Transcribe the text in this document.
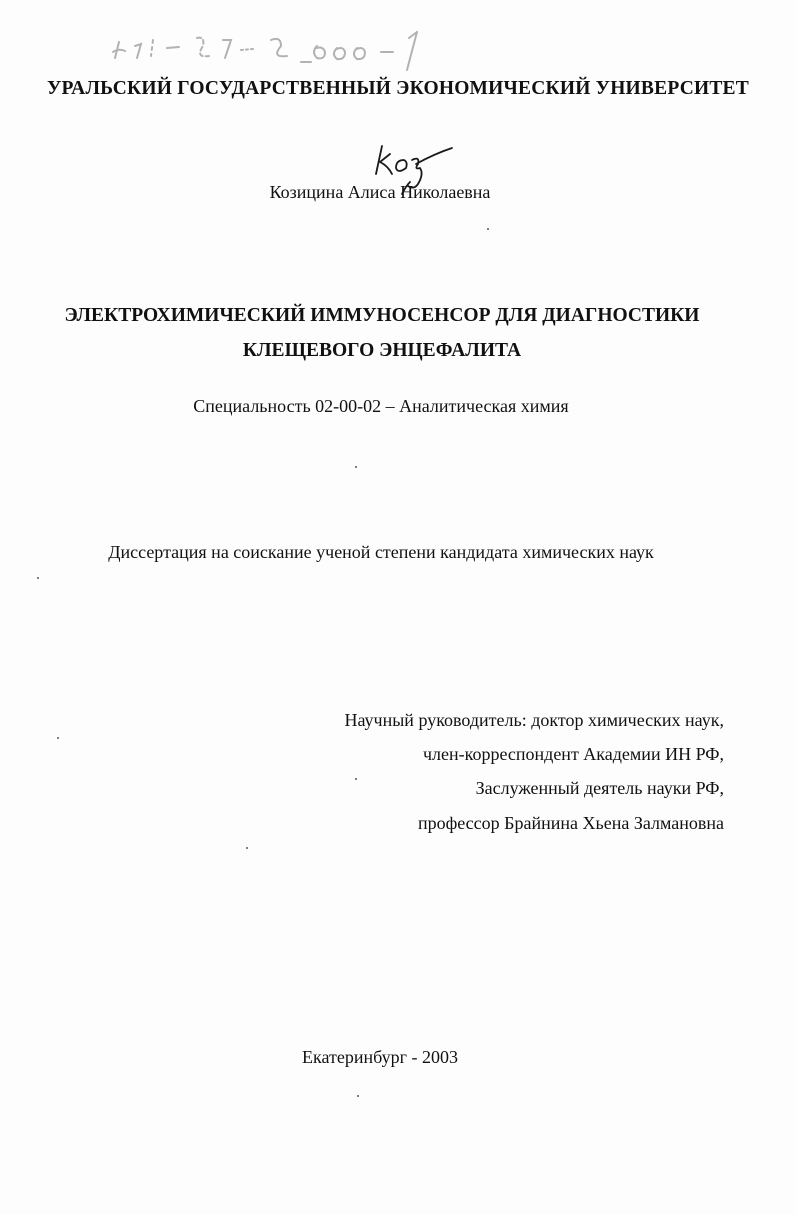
УРАЛЬСКИЙ ГОСУДАРСТВЕННЫЙ ЭКОНОМИЧЕСКИЙ УНИВЕРСИТЕТ
Козицина Алиса Николаевна
ЭЛЕКТРОХИМИЧЕСКИЙ ИММУНОСЕНСОР ДЛЯ ДИАГНОСТИКИ
КЛЕЩЕВОГО ЭНЦЕФАЛИТА
Специальность 02-00-02 – Аналитическая химия
Диссертация на соискание ученой степени кандидата химических наук
Научный руководитель: доктор химических наук,
член-корреспондент Академии ИН РФ,
Заслуженный деятель науки РФ,
профессор Брайнина Хьена Залмановна
Екатеринбург - 2003
